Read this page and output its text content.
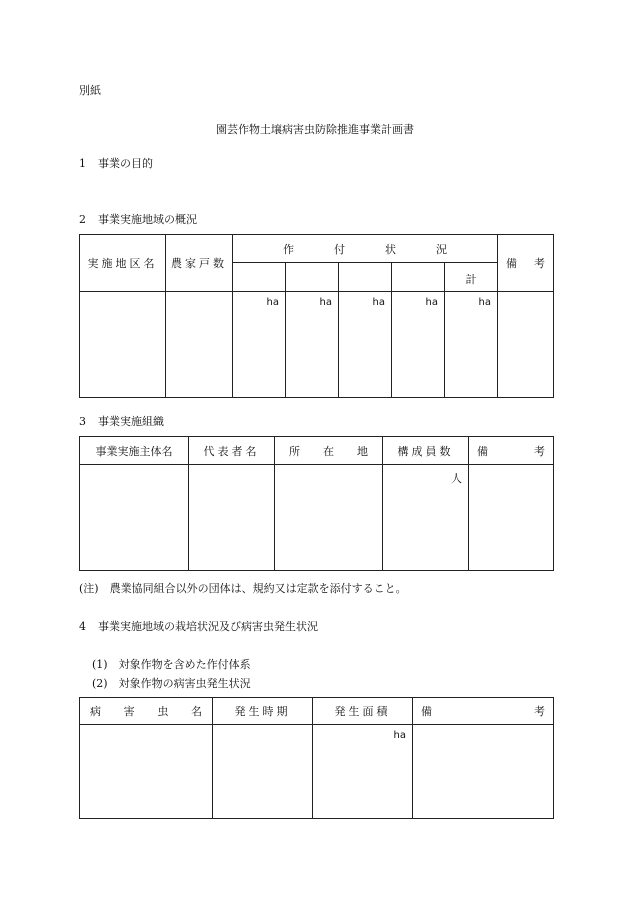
別紙
園芸作物土壌病害虫防除推進事業計画書
1 事業の目的
2 事業実施地域の概況
実施地区名	農家戸数	作 付 状 況					備 考

						計	
		ha	ha	ha	ha	ha	
3 事業実施組織
事業実施主体名	代表者名	所 在 地	構成員数	備 考

			人	
(注)　農業協同組合以外の団体は、規約又は定款を添付すること。
4 事業実施地域の栽培状況及び病害虫発生状況
(1)　対象作物を含めた作付体系
(2)　対象作物の病害虫発生状況
病 害 虫 名	発生時期	発生面積	備 考

		ha	
